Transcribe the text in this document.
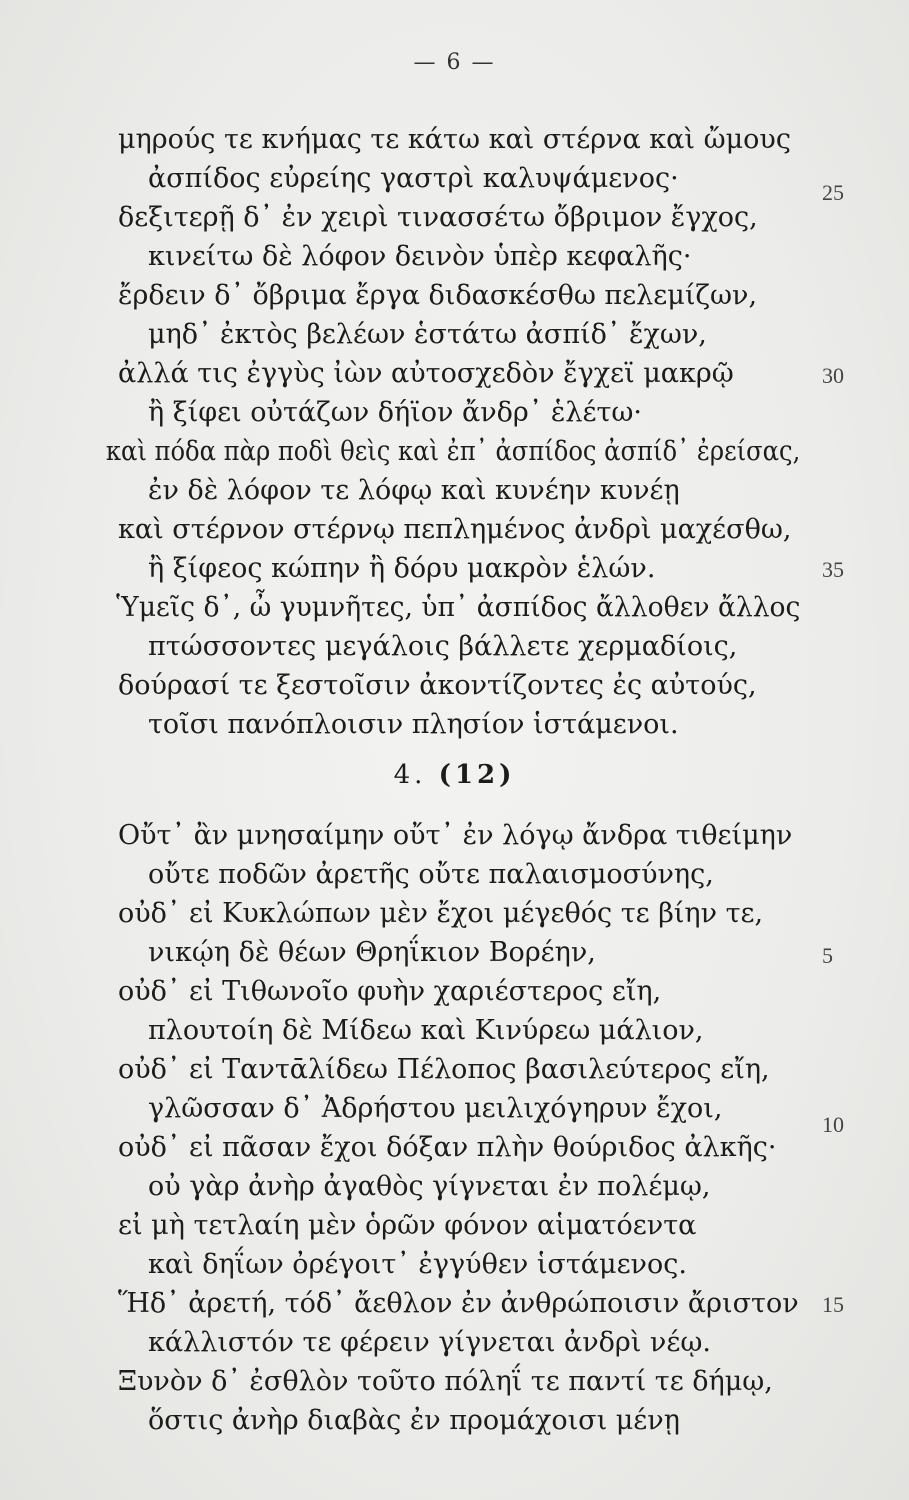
— 6 —
μηρούς τε κνήμας τε κάτω καὶ στέρνα καὶ ὤμους
ἀσπίδος εὐρείης γαστρὶ καλυψάμενος·
δεξιτερῇ δ᾽ ἐν χειρὶ τινασσέτω ὄβριμον ἔγχος,
25
κινείτω δὲ λόφον δεινὸν ὑπὲρ κεφαλῆς·
ἔρδειν δ᾽ ὄβριμα ἔργα διδασκέσθω πελεμίζων,
μηδ᾽ ἐκτὸς βελέων ἑστάτω ἀσπίδ᾽ ἔχων,
ἀλλά τις ἐγγὺς ἰὼν αὐτοσχεδὸν ἔγχεϊ μακρῷ
ἢ ξίφει οὐτάζων δήϊον ἄνδρ᾽ ἑλέτω·
30
καὶ πόδα πὰρ ποδὶ θεὶς καὶ ἐπ᾽ ἀσπίδος ἀσπίδ᾽ ἐρείσας,
ἐν δὲ λόφον τε λόφῳ καὶ κυνέην κυνέῃ
καὶ στέρνον στέρνῳ πεπλημένος ἀνδρὶ μαχέσθω,
ἢ ξίφεος κώπην ἢ δόρυ μακρὸν ἑλών.
Ὑμεῖς δ᾽, ὦ γυμνῆτες, ὑπ᾽ ἀσπίδος ἄλλοθεν ἄλλος
35
πτώσσοντες μεγάλοις βάλλετε χερμαδίοις,
δούρασί τε ξεστοῖσιν ἀκοντίζοντες ἐς αὐτούς,
τοῖσι πανόπλοισιν πλησίον ἱστάμενοι.
4. (12)
Οὔτ᾽ ἂν μνησαίμην οὔτ᾽ ἐν λόγῳ ἄνδρα τιθείμην
οὔτε ποδῶν ἀρετῆς οὔτε παλαισμοσύνης,
οὐδ᾽ εἰ Κυκλώπων μὲν ἔχοι μέγεθός τε βίην τε,
νικῴη δὲ θέων Θρηΐκιον Βορέην,
οὐδ᾽ εἰ Τιθωνοῖο φυὴν χαριέστερος εἴη,
5
πλουτοίη δὲ Μίδεω καὶ Κινύρεω μάλιον,
οὐδ᾽ εἰ Ταντᾱλίδεω Πέλοπος βασιλεύτερος εἴη,
γλῶσσαν δ᾽ Ἀδρήστου μειλιχόγηρυν ἔχοι,
οὐδ᾽ εἰ πᾶσαν ἔχοι δόξαν πλὴν θούριδος ἀλκῆς·
οὐ γὰρ ἀνὴρ ἀγαθὸς γίγνεται ἐν πολέμῳ,
10
εἰ μὴ τετλαίη μὲν ὁρῶν φόνον αἱματόεντα
καὶ δηΐων ὀρέγοιτ᾽ ἐγγύθεν ἱστάμενος.
Ἥδ᾽ ἀρετή, τόδ᾽ ἄεθλον ἐν ἀνθρώποισιν ἄριστον
κάλλιστόν τε φέρειν γίγνεται ἀνδρὶ νέῳ.
Ξυνὸν δ᾽ ἐσθλὸν τοῦτο πόληΐ τε παντί τε δήμῳ,
15
ὅστις ἀνὴρ διαβὰς ἐν προμάχοισι μένῃ
